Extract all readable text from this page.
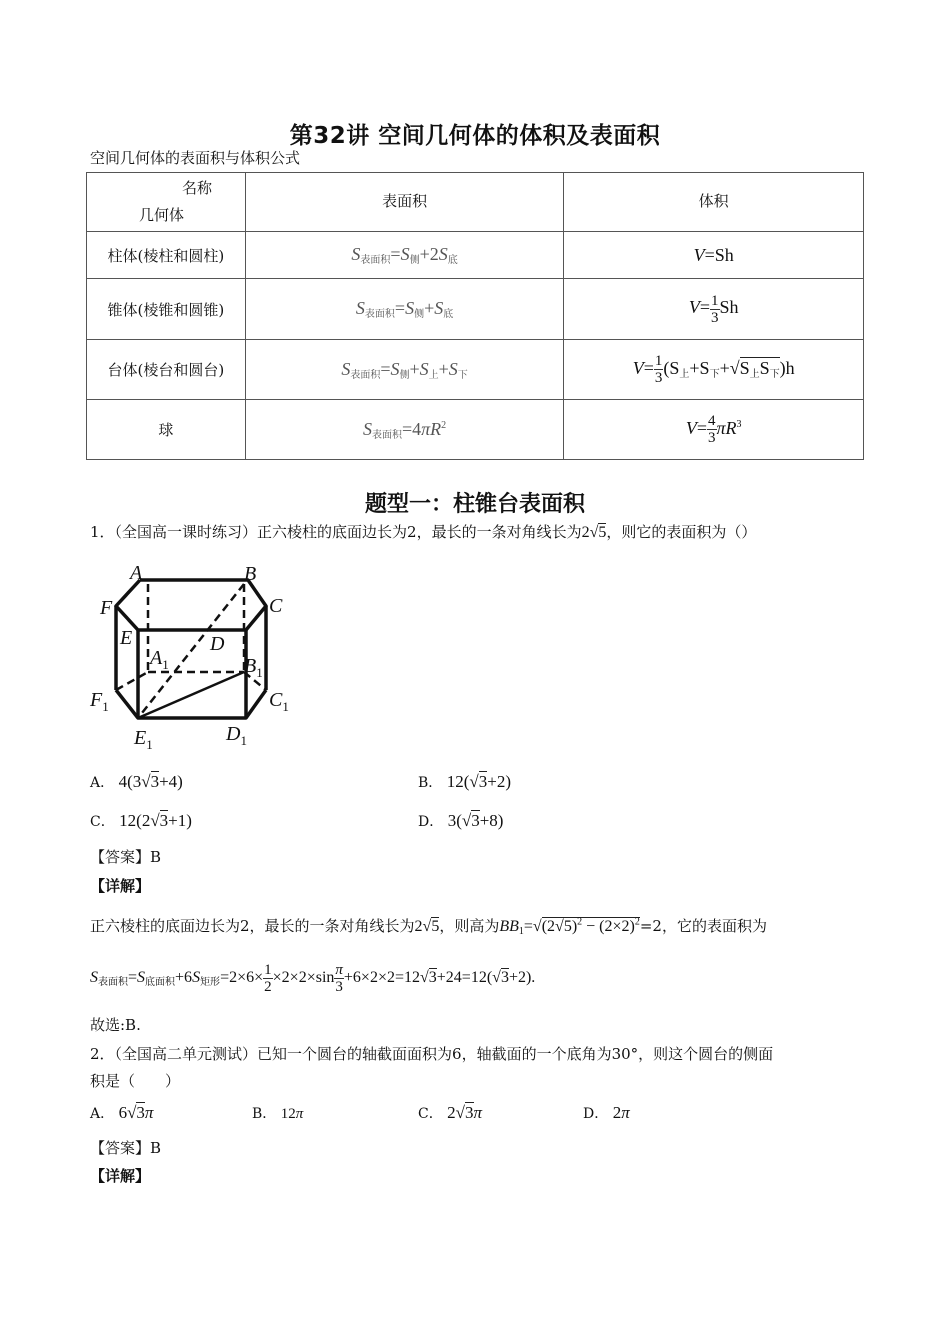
第32讲 空间几何体的体积及表面积
空间几何体的表面积与体积公式
名称
几何体	表面积	体积
柱体(棱柱和圆柱)	$S_{表面积}=S_侧+2S_底$	V=Sh
锥体(棱锥和圆锥)	$S_{表面积}=S_侧+S_底$	$V= \frac{1}{3}$ Sh
台体(棱台和圆台)	$S_{表面积}=S_侧+S_上+S_下$	$V= \frac{1}{3} (S_上+S_下+√S_上S_下)h$
球	$S_{表面积}=4\pi R^2$	$V= \frac{4}{3} \pi R^3$
题型一：柱锥台表面积
1．（全国高一课时练习）正六棱柱的底面边长为2，最长的一条对角线长为2√5，则它的表面积为（）
A	B
C
D
E
F
$A_1$	$B_1$
$C_1$
$D_1$
$E_1$
$F_1$
A． 4(3√3+4)	B． 12(√3+2)
C． 12(2√3+1)	D． 3(√3+8)
【答案】B
【详解】
正六棱柱的底面边长为2，最长的一条对角线长为2√5，则高为$BB_1=√(2√5)^2 - (2\times 2)^2=2$，它的表面积为
$S_{表面积}=S_{底面积}+6S_{矩形}=2\times 6\times \frac{1}{2} \times 2\times 2\times\sin \frac{\pi}{3} +6\times 2\times 2=12√3+24=12(√3+2)$.
故选:B.
2．（全国高二单元测试）已知一个圆台的轴截面面积为6，轴截面的一个底角为30°，则这个圆台的侧面
积是（　　）
A． 6√3π	B． 12π	C． 2√3π	D． 2π
【答案】B
【详解】
